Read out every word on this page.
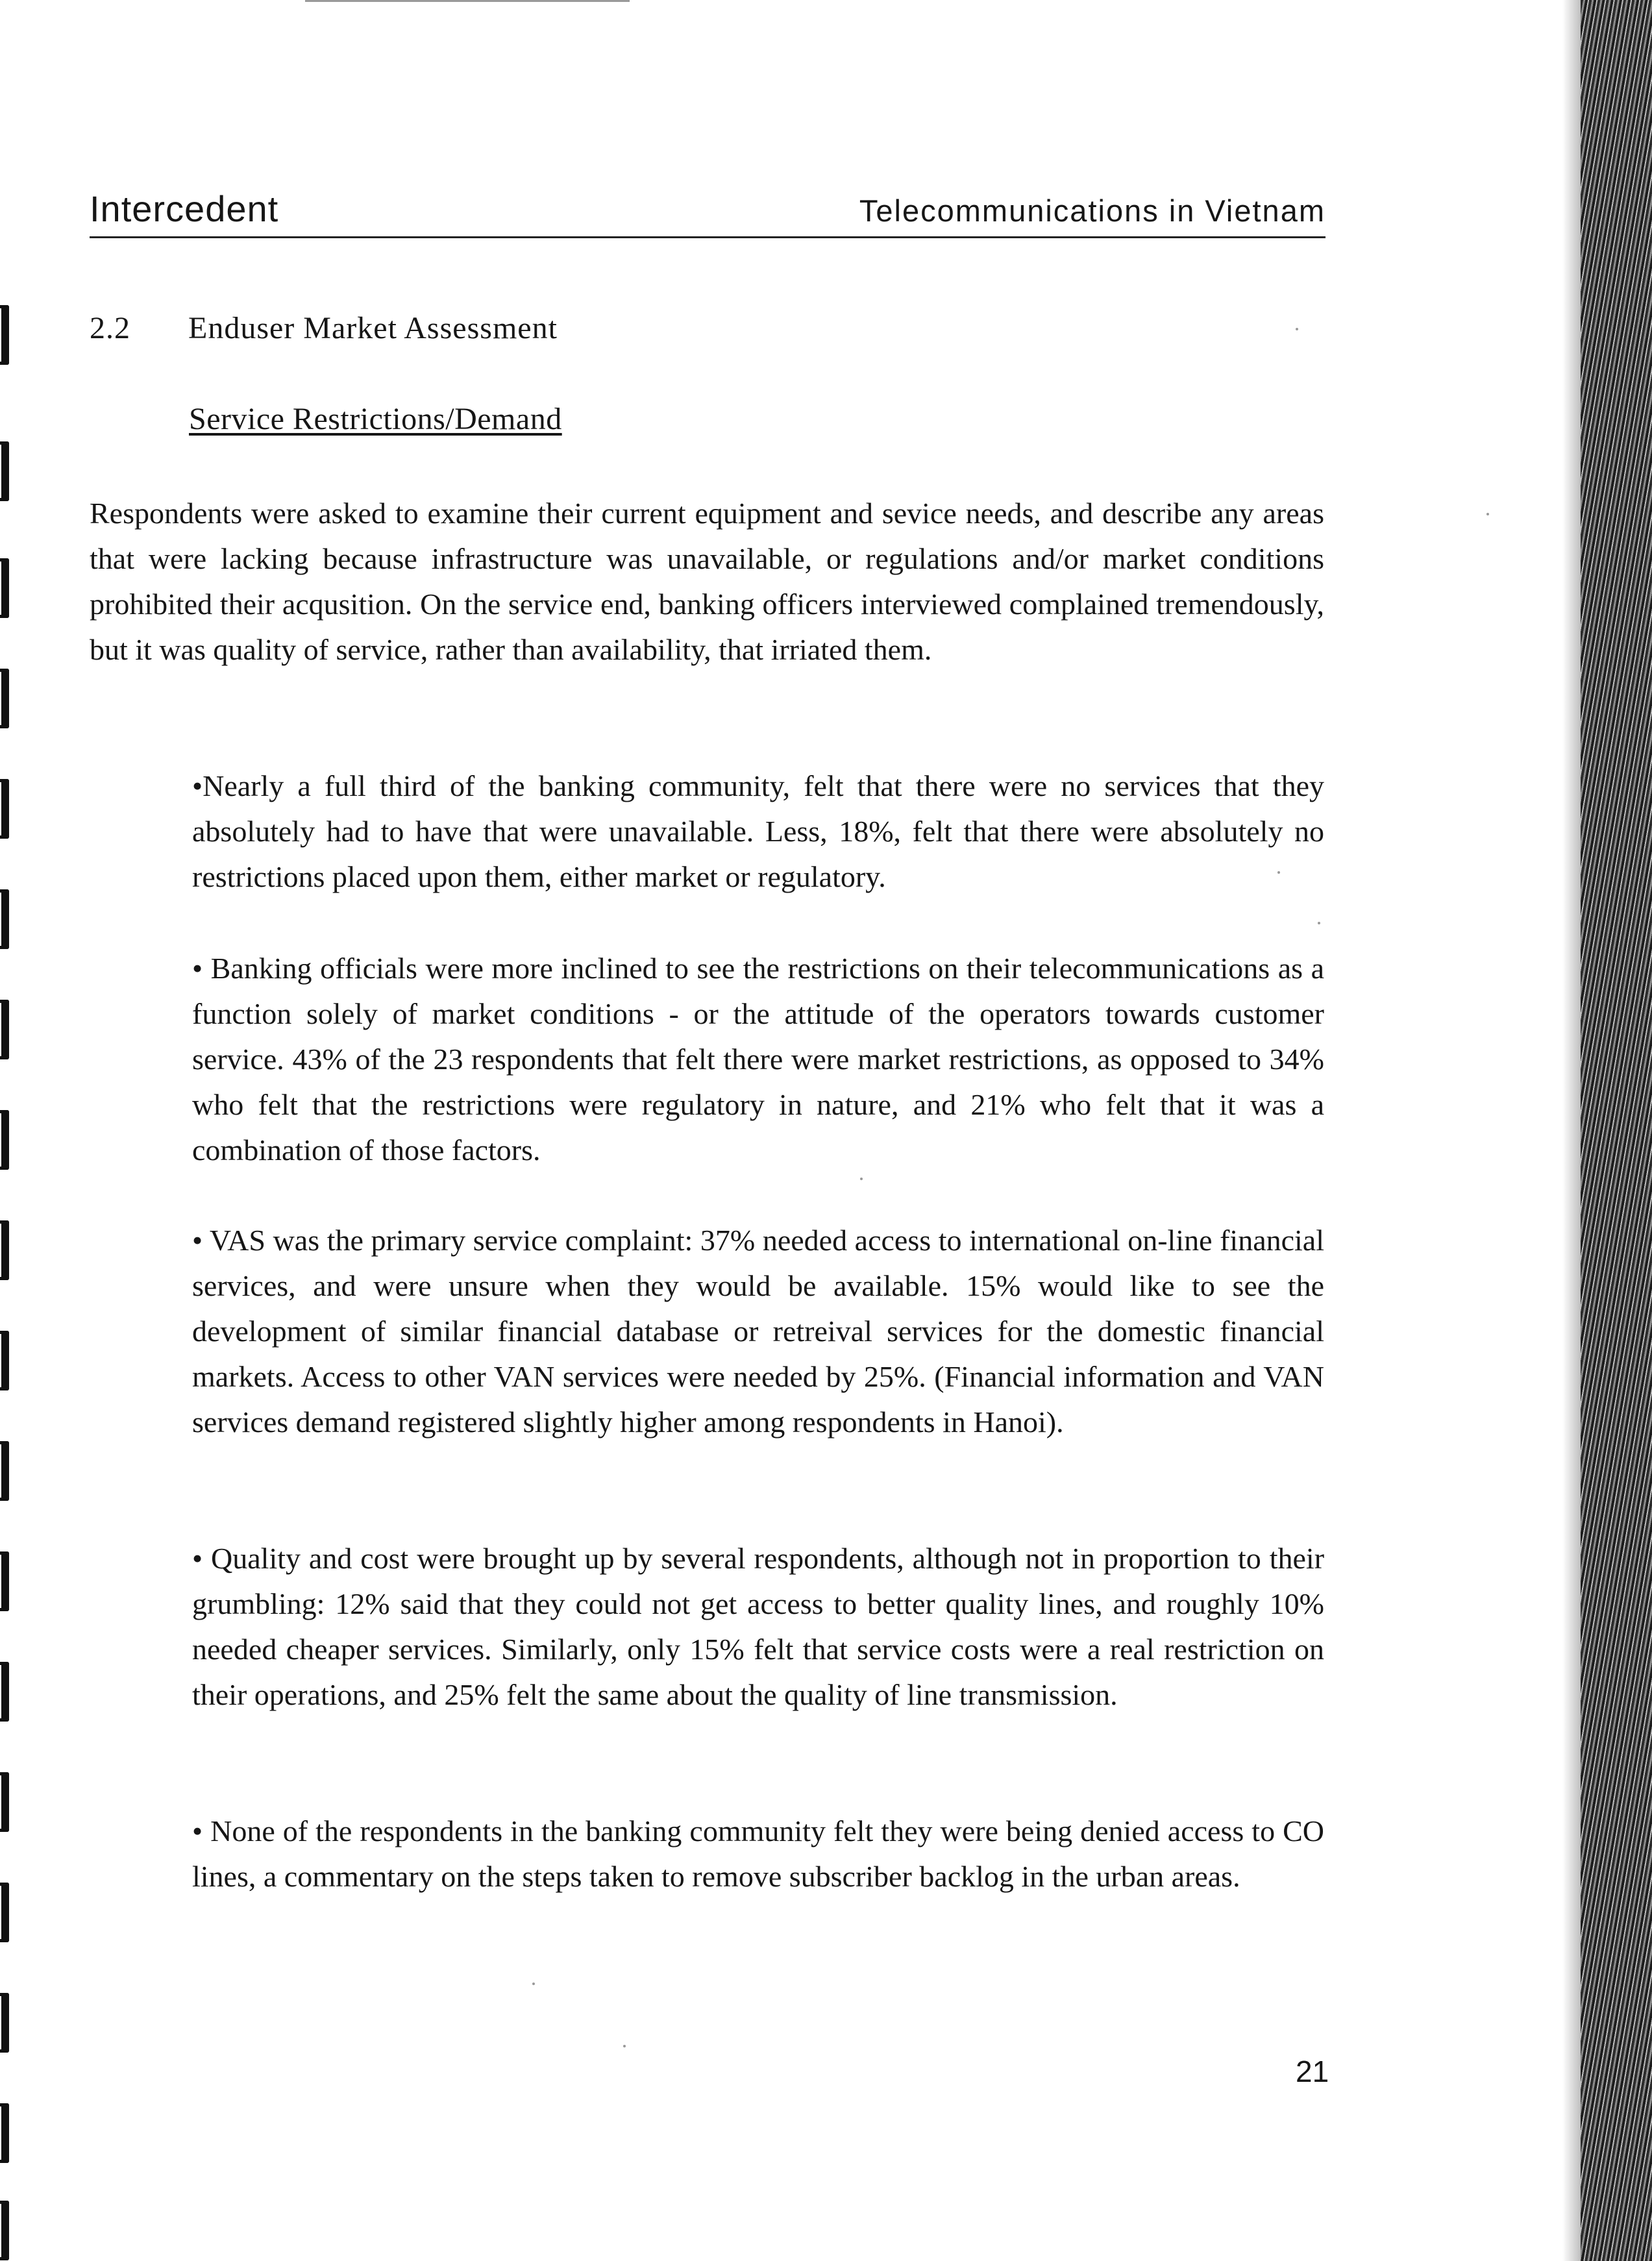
Intercedent	Telecommunications in Vietnam
2.2 Enduser Market Assessment
Service Restrictions/Demand
Respondents were asked to examine their current equipment and sevice needs, and describe any areas that were lacking because infrastructure was unavailable, or regulations and/or market conditions prohibited their acqusition. On the service end, banking officers interviewed complained tremendously, but it was quality of service, rather than availability, that irriated them.
•Nearly a full third of the banking community, felt that there were no services that they absolutely had to have that were unavailable. Less, 18%, felt that there were absolutely no restrictions placed upon them, either market or regulatory.
• Banking officials were more inclined to see the restrictions on their telecommunications as a function solely of market conditions - or the attitude of the operators towards customer service. 43% of the 23 respondents that felt there were market restrictions, as opposed to 34% who felt that the restrictions were regulatory in nature, and 21% who felt that it was a combination of those factors.
• VAS was the primary service complaint: 37% needed access to international on-line financial services, and were unsure when they would be available. 15% would like to see the development of similar financial database or retreival services for the domestic financial markets. Access to other VAN services were needed by 25%. (Financial information and VAN services demand registered slightly higher among respondents in Hanoi).
• Quality and cost were brought up by several respondents, although not in proportion to their grumbling: 12% said that they could not get access to better quality lines, and roughly 10% needed cheaper services. Similarly, only 15% felt that service costs were a real restriction on their operations, and 25% felt the same about the quality of line transmission.
• None of the respondents in the banking community felt they were being denied access to CO lines, a commentary on the steps taken to remove subscriber backlog in the urban areas.
21
